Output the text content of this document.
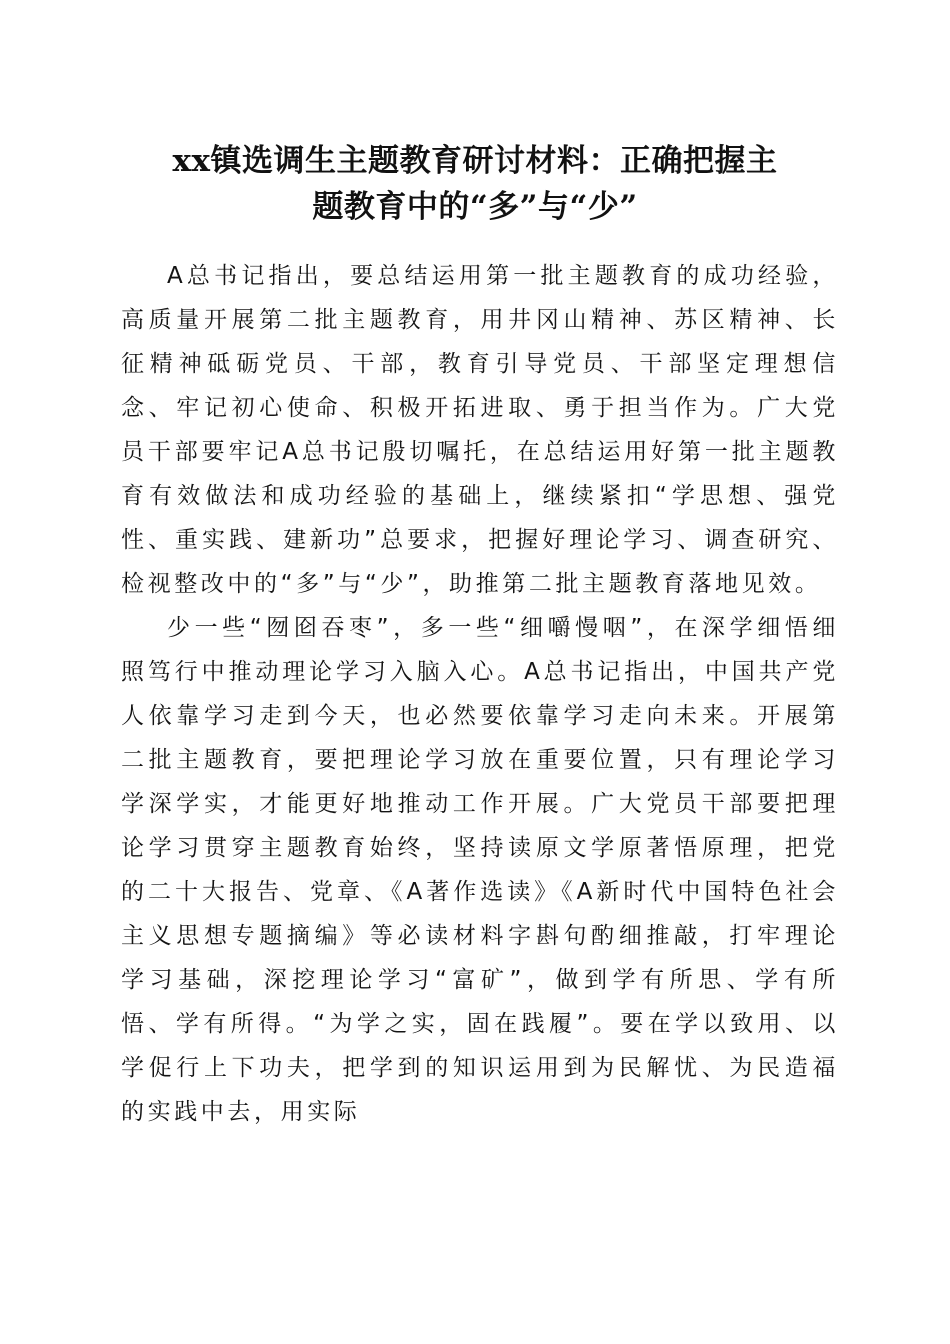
xx镇选调生主题教育研讨材料：正确把握主
题教育中的“多”与“少”

A总书记指出，要总结运用第一批主题教育的成功经验，高质量开展第二批主题教育，用井冈山精神、苏区精神、长征精神砥砺党员、干部，教育引导党员、干部坚定理想信念、牢记初心使命、积极开拓进取、勇于担当作为。广大党员干部要牢记A总书记殷切嘱托，在总结运用好第一批主题教育有效做法和成功经验的基础上，继续紧扣“学思想、强党性、重实践、建新功”总要求，把握好理论学习、调查研究、检视整改中的“多”与“少”，助推第二批主题教育落地见效。

少一些“囫囵吞枣”，多一些“细嚼慢咽”，在深学细悟细照笃行中推动理论学习入脑入心。A总书记指出，中国共产党人依靠学习走到今天，也必然要依靠学习走向未来。开展第二批主题教育，要把理论学习放在重要位置，只有理论学习学深学实，才能更好地推动工作开展。广大党员干部要把理论学习贯穿主题教育始终，坚持读原文学原著悟原理，把党的二十大报告、党章、《A著作选读》《A新时代中国特色社会主义思想专题摘编》等必读材料字斟句酌细推敲，打牢理论学习基础，深挖理论学习“富矿”，做到学有所思、学有所悟、学有所得。“为学之实，固在践履”。要在学以致用、以学促行上下功夫，把学到的知识运用到为民解忧、为民造福的实践中去，用实际
